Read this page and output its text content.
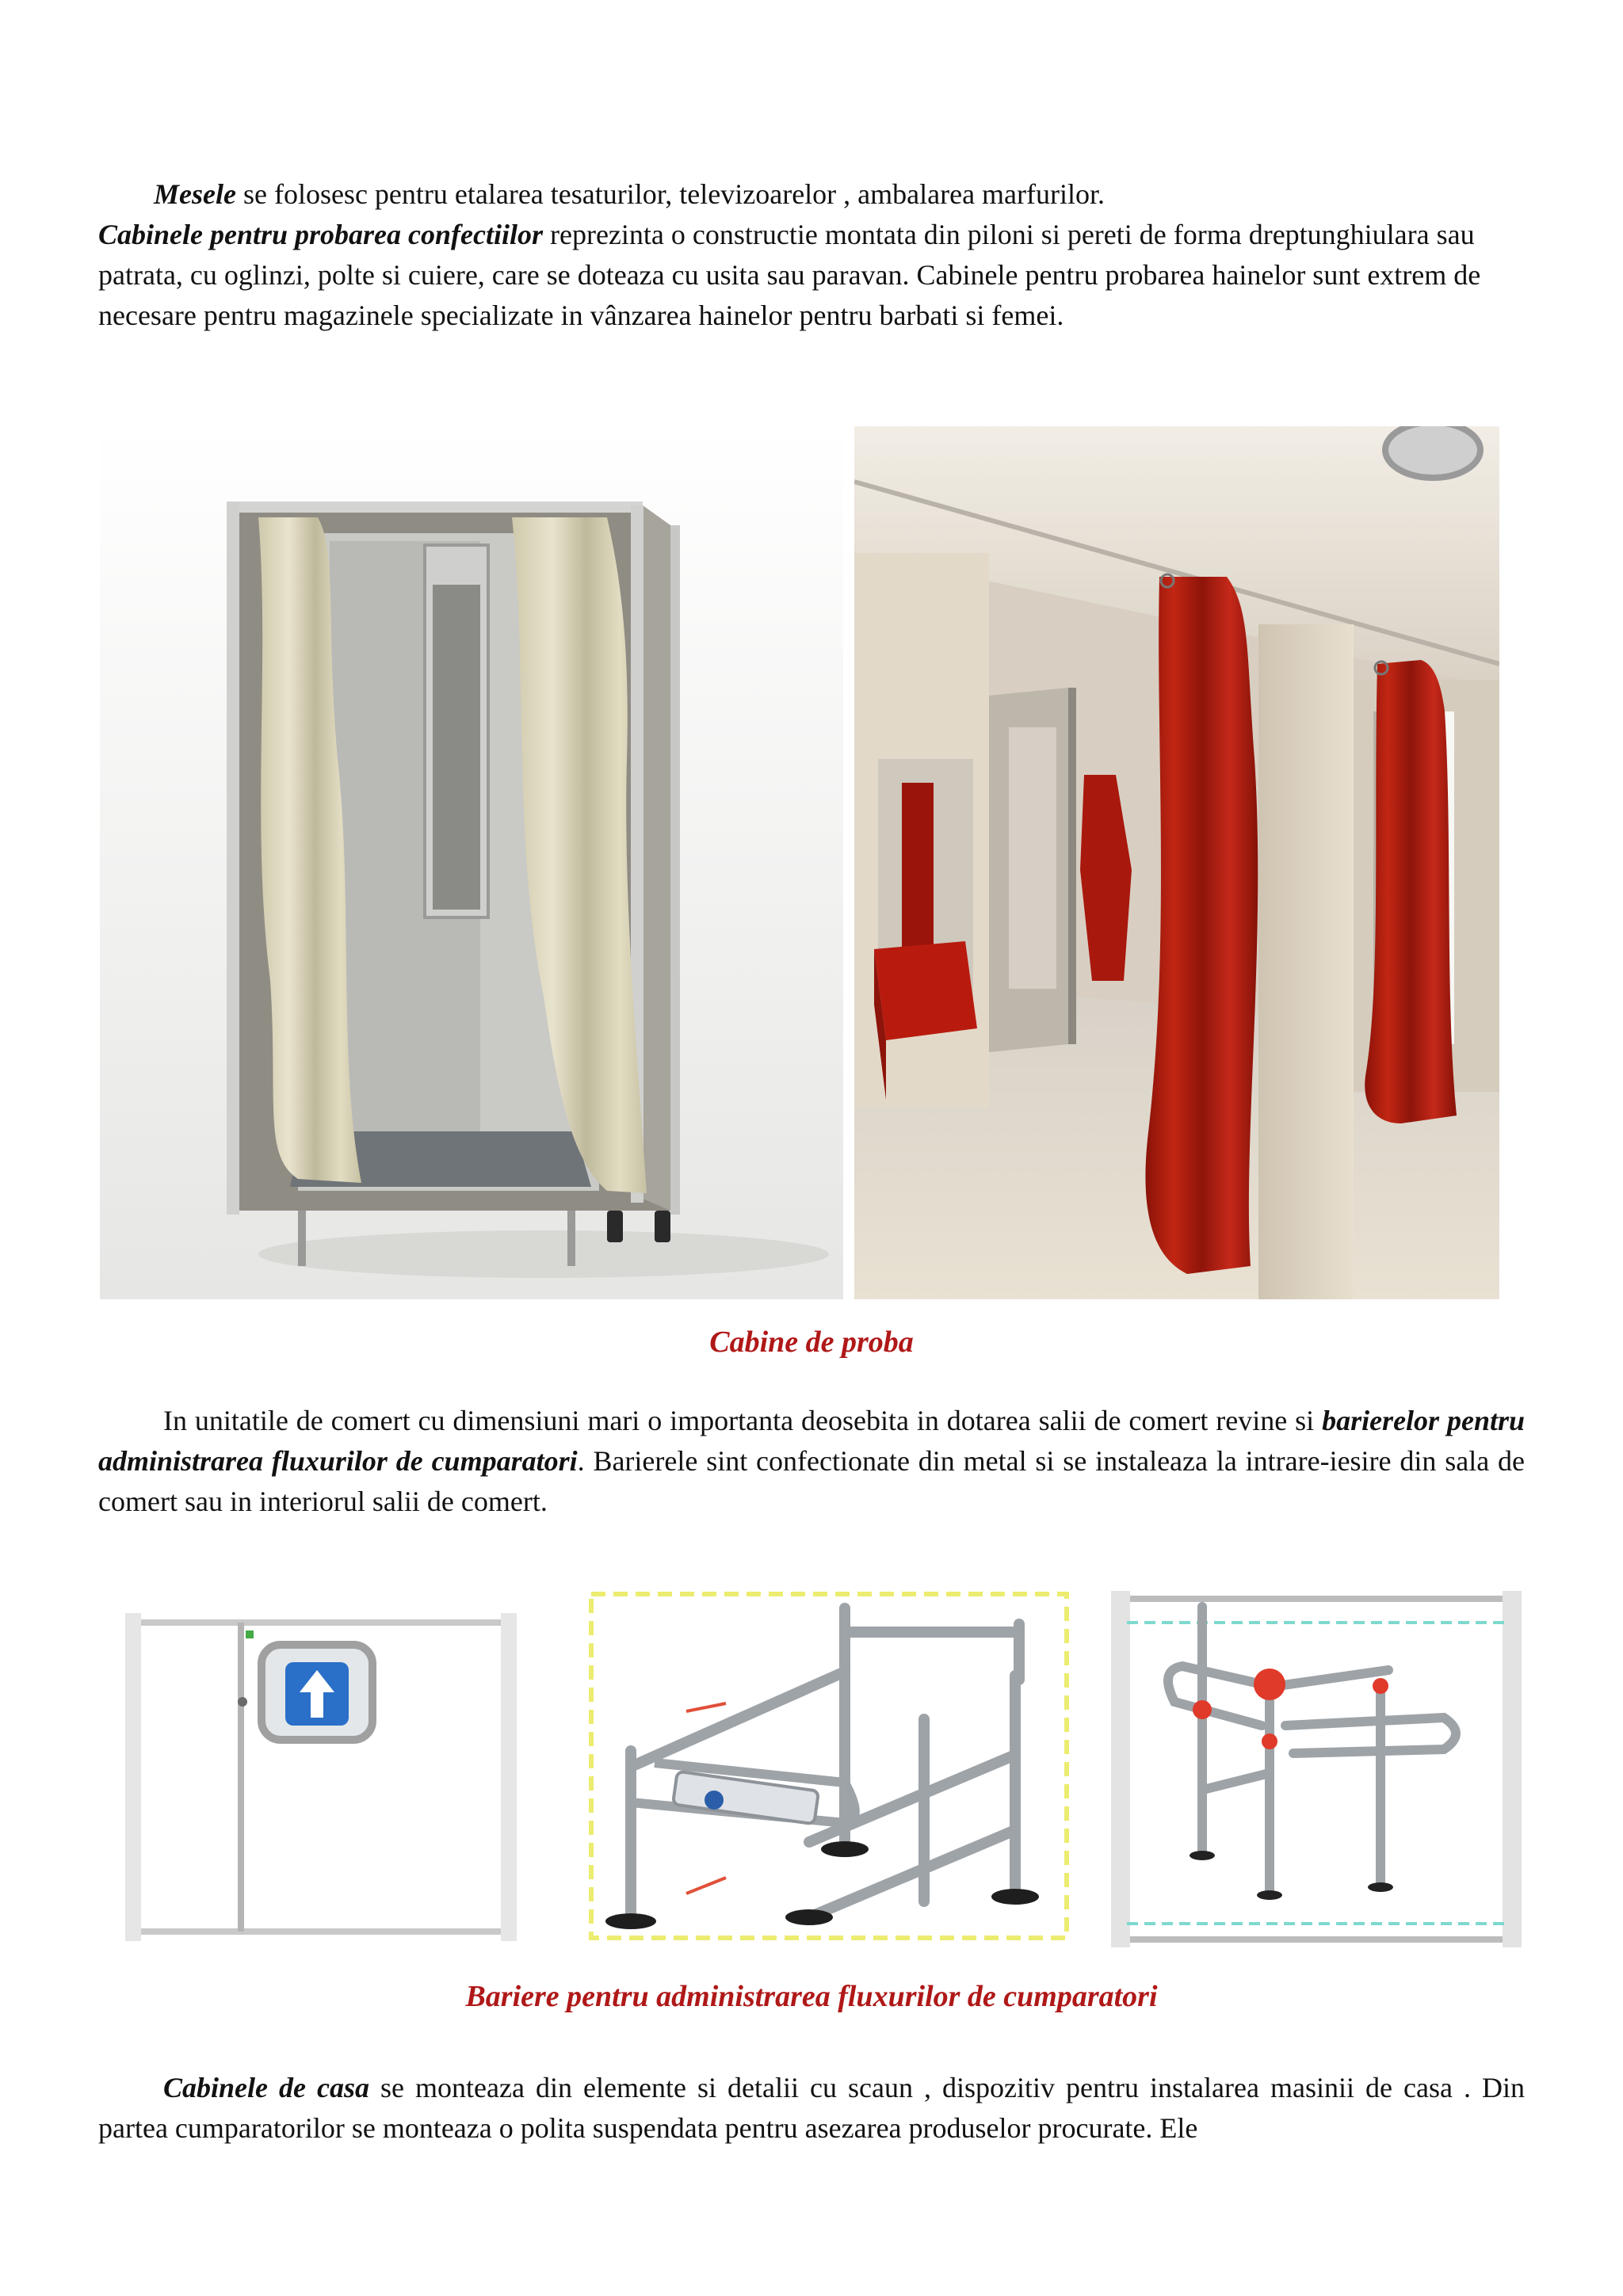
Mesele se folosesc pentru etalarea tesaturilor, televizoarelor , ambalarea marfurilor.
Cabinele pentru probarea confectiilor reprezinta o constructie montata din piloni si pereti de forma dreptunghiulara sau patrata, cu oglinzi, polte si cuiere, care se doteaza cu usita sau paravan. Cabinele pentru probarea hainelor sunt extrem de necesare pentru magazinele specializate in vânzarea hainelor pentru barbati si femei.
Cabine de proba
In unitatile de comert cu dimensiuni mari o importanta deosebita in dotarea salii de comert revine si barierelor pentru administrarea fluxurilor de cumparatori. Barierele sint confectionate din metal si se instaleaza la intrare-iesire din sala de comert sau in interiorul salii de comert.
Bariere pentru administrarea fluxurilor de cumparatori
Cabinele de casa se monteaza din elemente si detalii cu scaun , dispozitiv pentru instalarea masinii de casa . Din partea cumparatorilor se monteaza o polita suspendata pentru asezarea produselor procurate. Ele
